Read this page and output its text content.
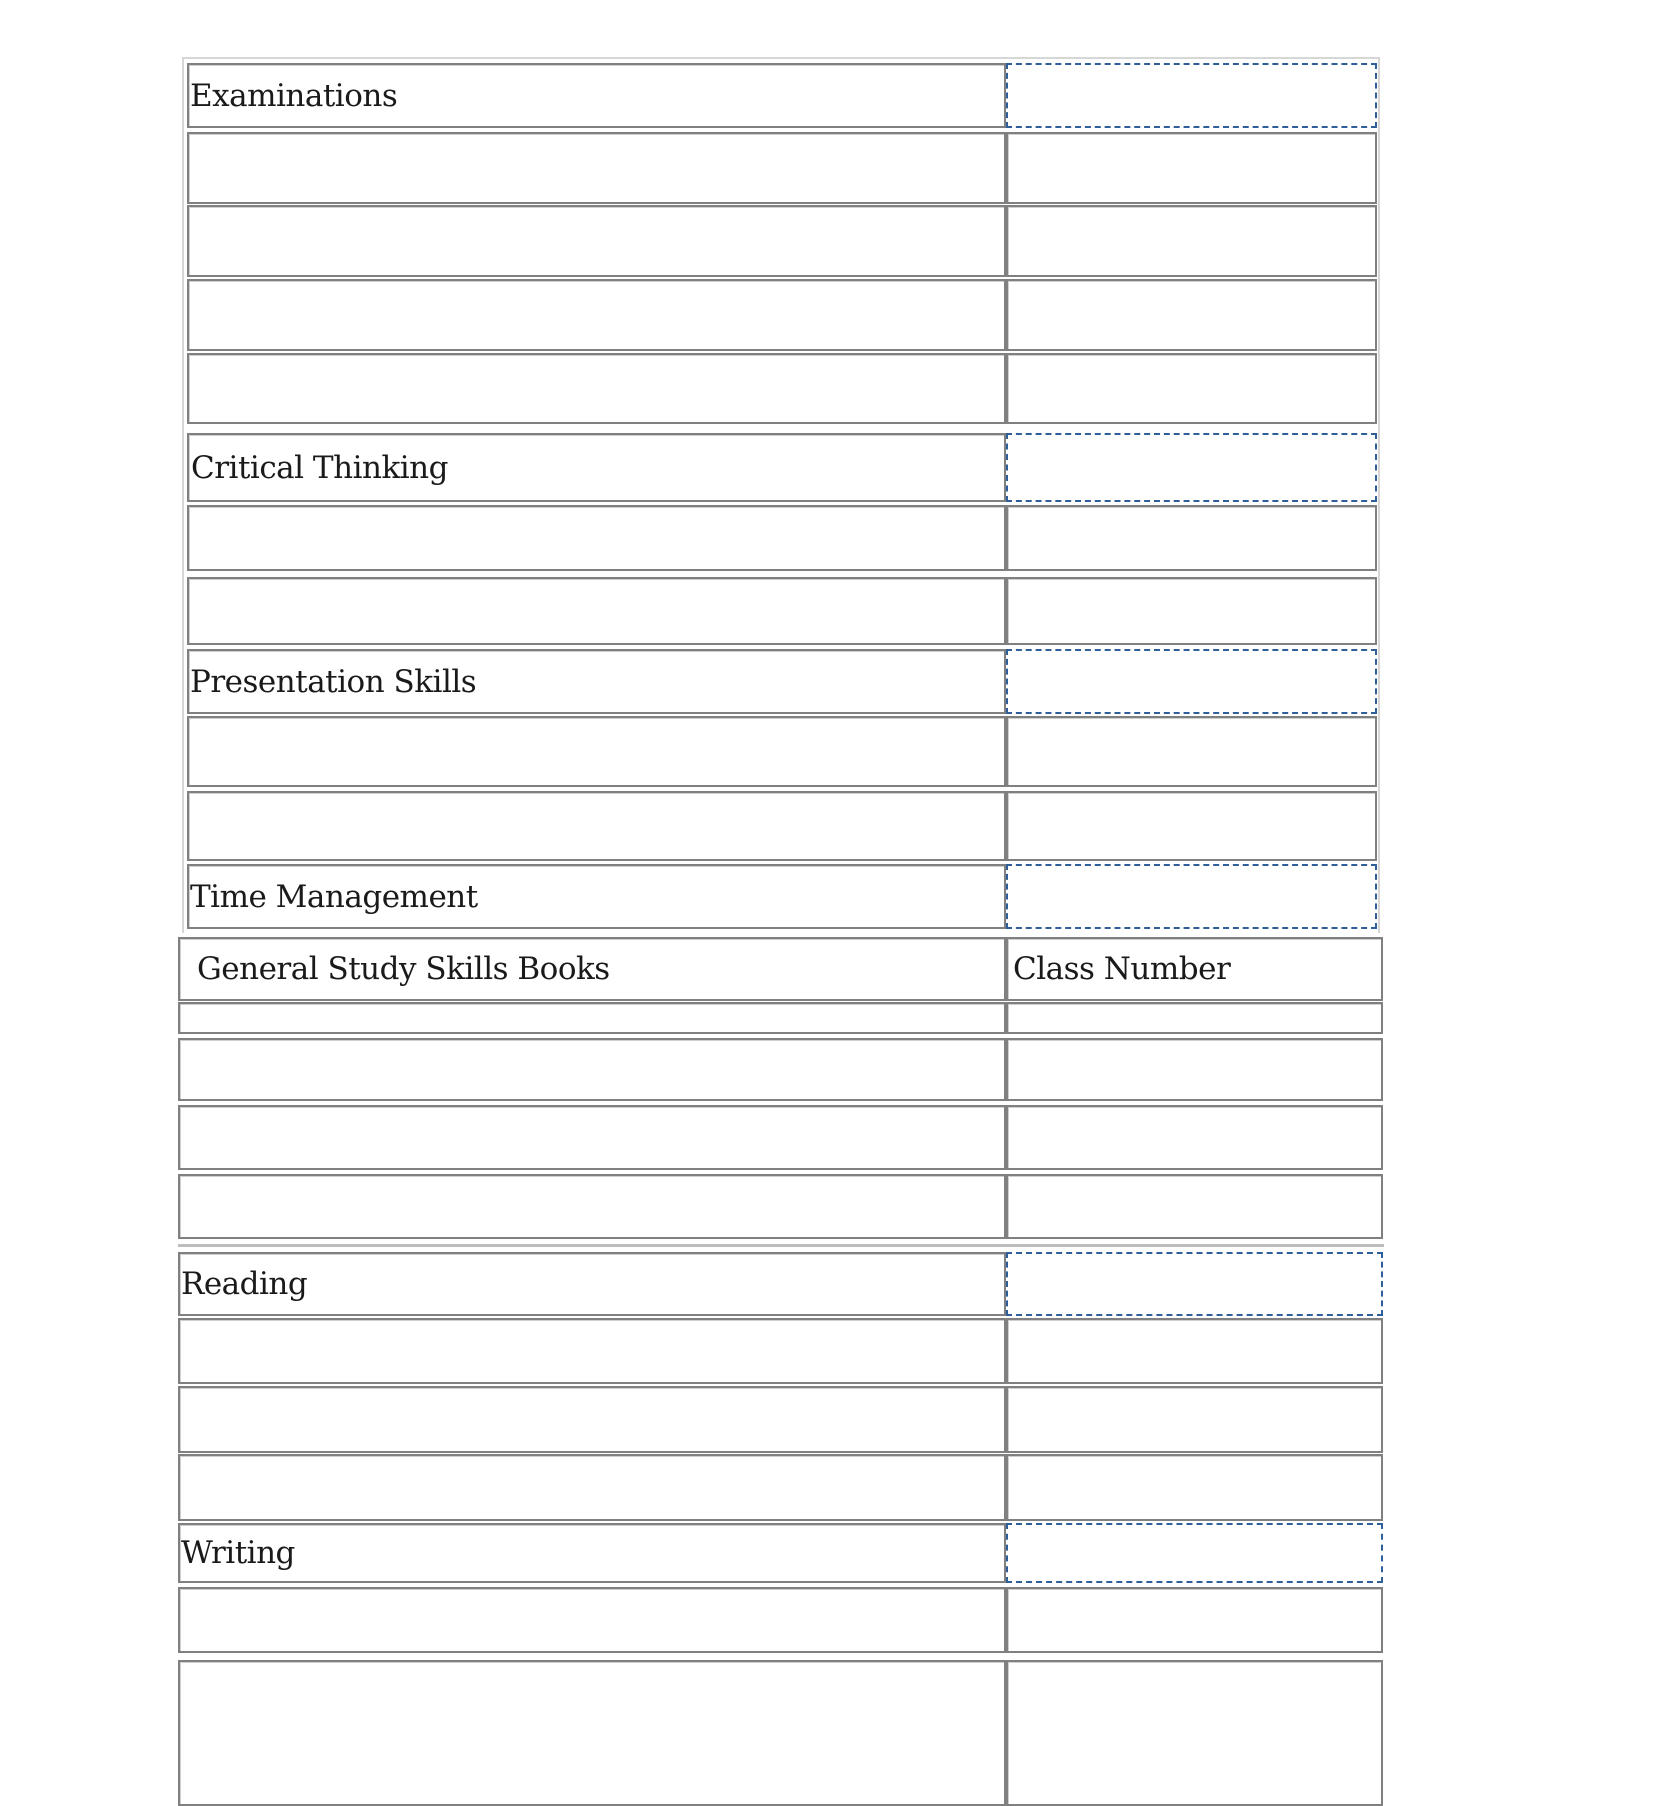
Examinations
Critical Thinking
Presentation Skills
Time Management
General Study Skills Books	Class Number
Reading
Writing
